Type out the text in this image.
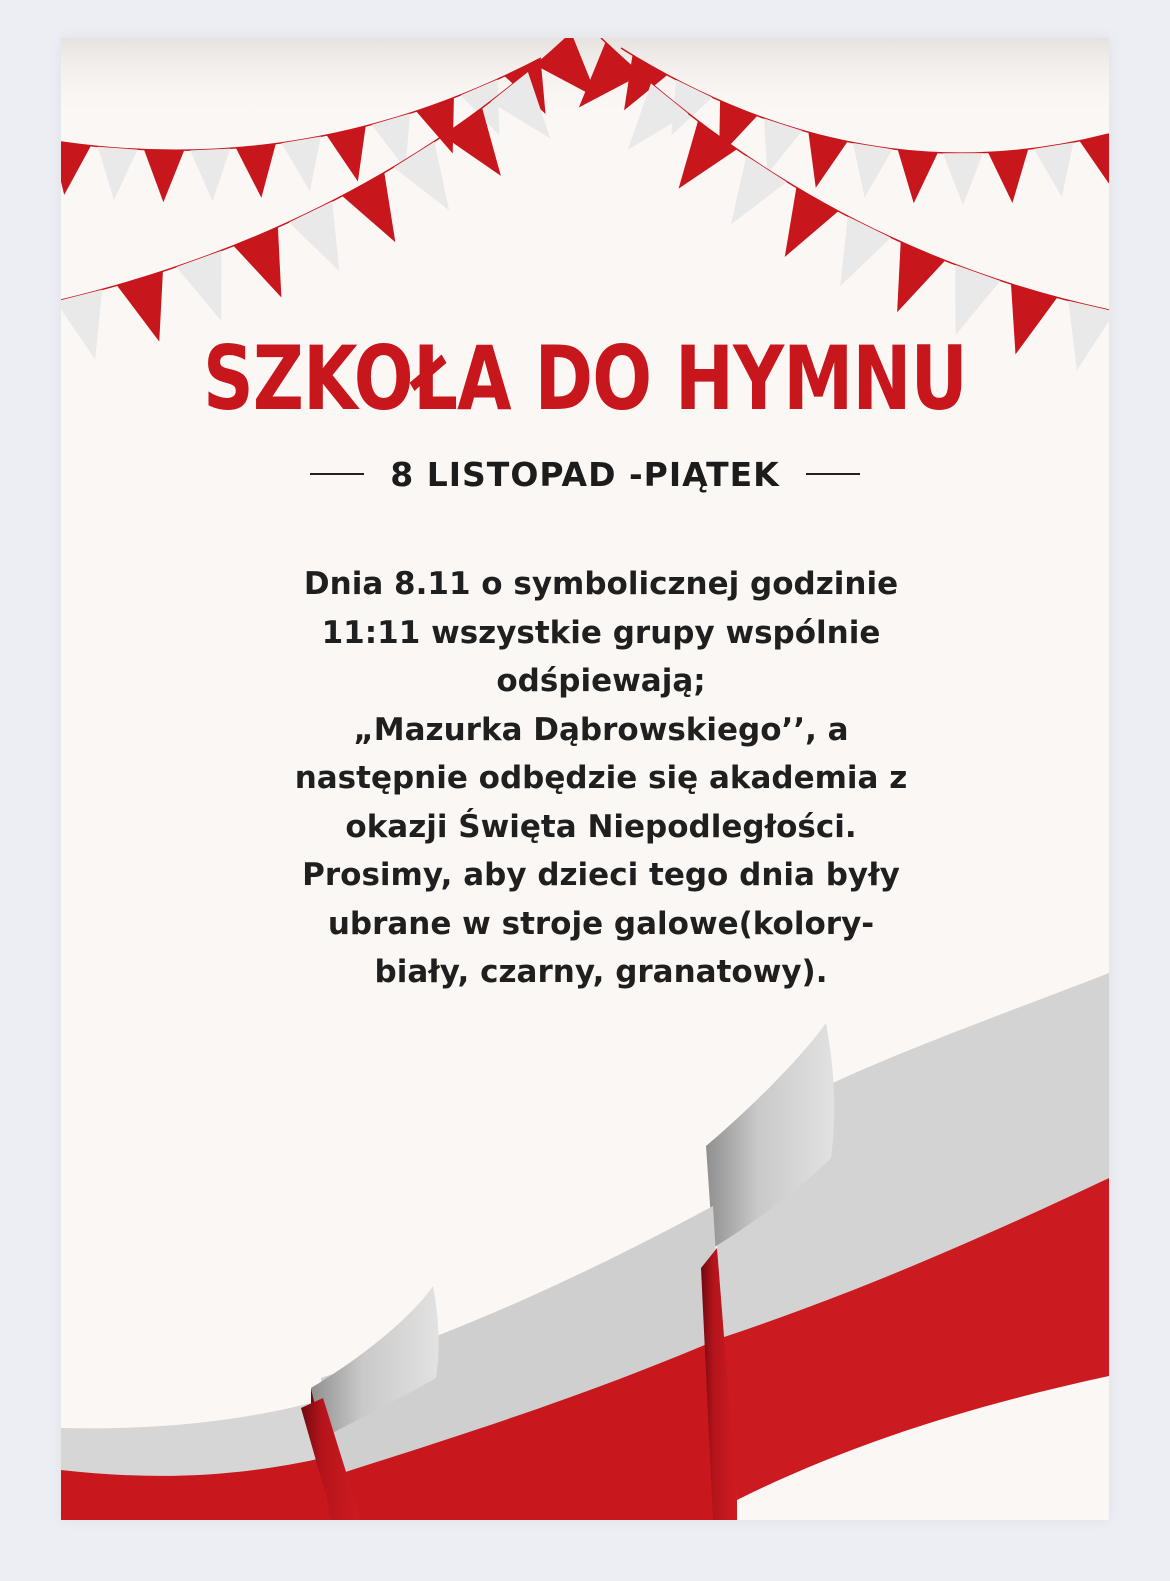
SZKOŁA DO HYMNU
8 LISTOPAD -PIĄTEK
Dnia 8.11 o symbolicznej godzinie
11:11 wszystkie grupy wspólnie
odśpiewają;
„Mazurka Dąbrowskiego’’, a
następnie odbędzie się akademia z
okazji Święta Niepodległości.
Prosimy, aby dzieci tego dnia były
ubrane w stroje galowe(kolory-
biały, czarny, granatowy).
